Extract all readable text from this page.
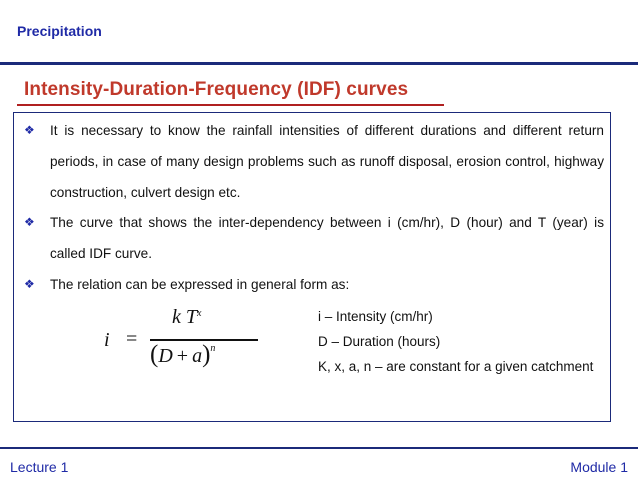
Precipitation
Intensity-Duration-Frequency (IDF) curves
❖	It is necessary to know the rainfall intensities of different durations and different return periods, in case of many design problems such as runoff disposal, erosion control, highway construction, culvert design etc.
❖	The curve that shows the inter-dependency between i (cm/hr), D (hour) and T (year) is called IDF curve.
❖	The relation can be expressed in general form as:
i =
k $T^x$
$(D + a)^n$
i – Intensity (cm/hr)
D – Duration (hours)
K, x, a, n – are constant for a given catchment
Lecture 1	Module 1
